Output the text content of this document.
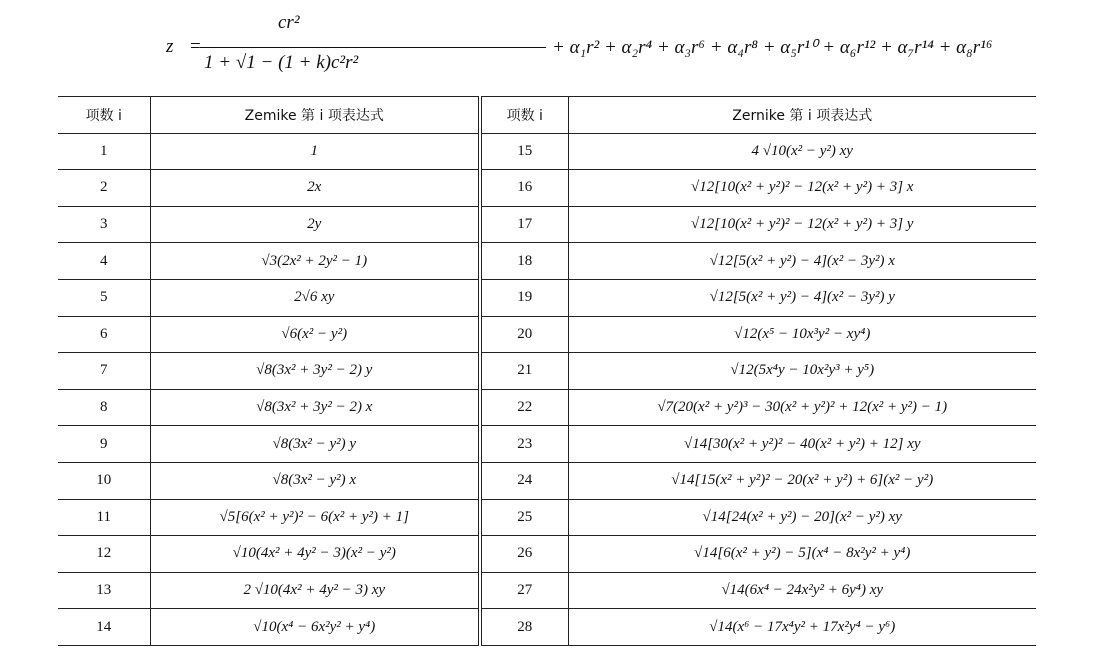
z =
cr²
1 + √1 − (1 + k)c²r²
+ α₁r² + α₂r⁴ + α₃r⁶ + α₄r⁸ + α₅r¹⁰ + α₆r¹² + α₇r¹⁴ + α₈r¹⁶
项数 i	Zemike 第 i 项表达式	项数 i	Zernike 第 i 项表达式
1	1	15	4 √10(x² − y²) xy
2	2x	16	√12[10(x² + y²)² − 12(x² + y²) + 3] x
3	2y	17	√12[10(x² + y²)² − 12(x² + y²) + 3] y
4	√3(2x² + 2y² − 1)	18	√12[5(x² + y²) − 4](x² − 3y²) x
5	2√6 xy	19	√12[5(x² + y²) − 4](x² − 3y²) y
6	√6(x² − y²)	20	√12(x⁵ − 10x³y² − xy⁴)
7	√8(3x² + 3y² − 2) y	21	√12(5x⁴y − 10x²y³ + y⁵)
8	√8(3x² + 3y² − 2) x	22	√7(20(x² + y²)³ − 30(x² + y²)² + 12(x² + y²) − 1)
9	√8(3x² − y²) y	23	√14[30(x² + y²)² − 40(x² + y²) + 12] xy
10	√8(3x² − y²) x	24	√14[15(x² + y²)² − 20(x² + y²) + 6](x² − y²)
11	√5[6(x² + y²)² − 6(x² + y²) + 1]	25	√14[24(x² + y²) − 20](x² − y²) xy
12	√10(4x² + 4y² − 3)(x² − y²)	26	√14[6(x² + y²) − 5](x⁴ − 8x²y² + y⁴)
13	2 √10(4x² + 4y² − 3) xy	27	√14(6x⁴ − 24x²y² + 6y⁴) xy
14	√10(x⁴ − 6x²y² + y⁴)	28	√14(x⁶ − 17x⁴y² + 17x²y⁴ − y⁶)
